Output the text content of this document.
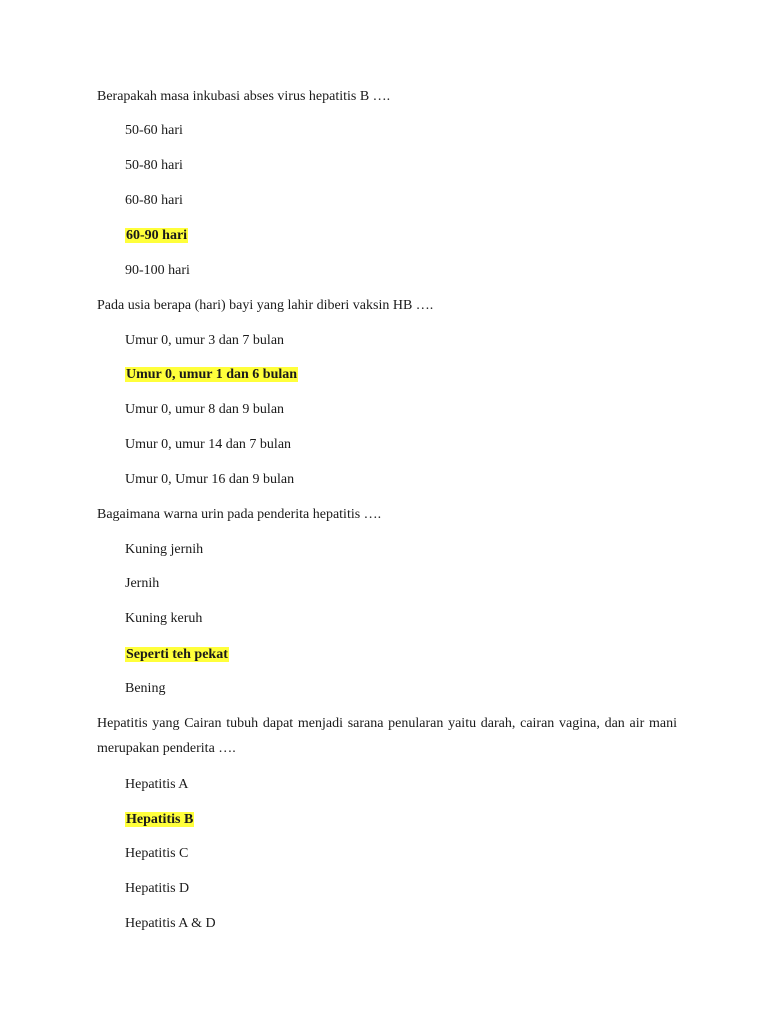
Berapakah masa inkubasi abses virus hepatitis B ….
50-60 hari
50-80 hari
60-80 hari
60-90 hari
90-100 hari
Pada usia berapa (hari) bayi yang lahir diberi vaksin HB ….
Umur 0, umur 3 dan 7 bulan
Umur 0, umur 1 dan 6 bulan
Umur 0, umur 8 dan 9 bulan
Umur 0, umur 14 dan 7 bulan
Umur 0, Umur 16 dan 9 bulan
Bagaimana warna urin pada penderita hepatitis ….
Kuning jernih
Jernih
Kuning keruh
Seperti teh pekat
Bening
Hepatitis yang Cairan tubuh dapat menjadi sarana penularan yaitu darah, cairan vagina, dan air mani merupakan penderita ….
Hepatitis A
Hepatitis B
Hepatitis C
Hepatitis D
Hepatitis A & D
